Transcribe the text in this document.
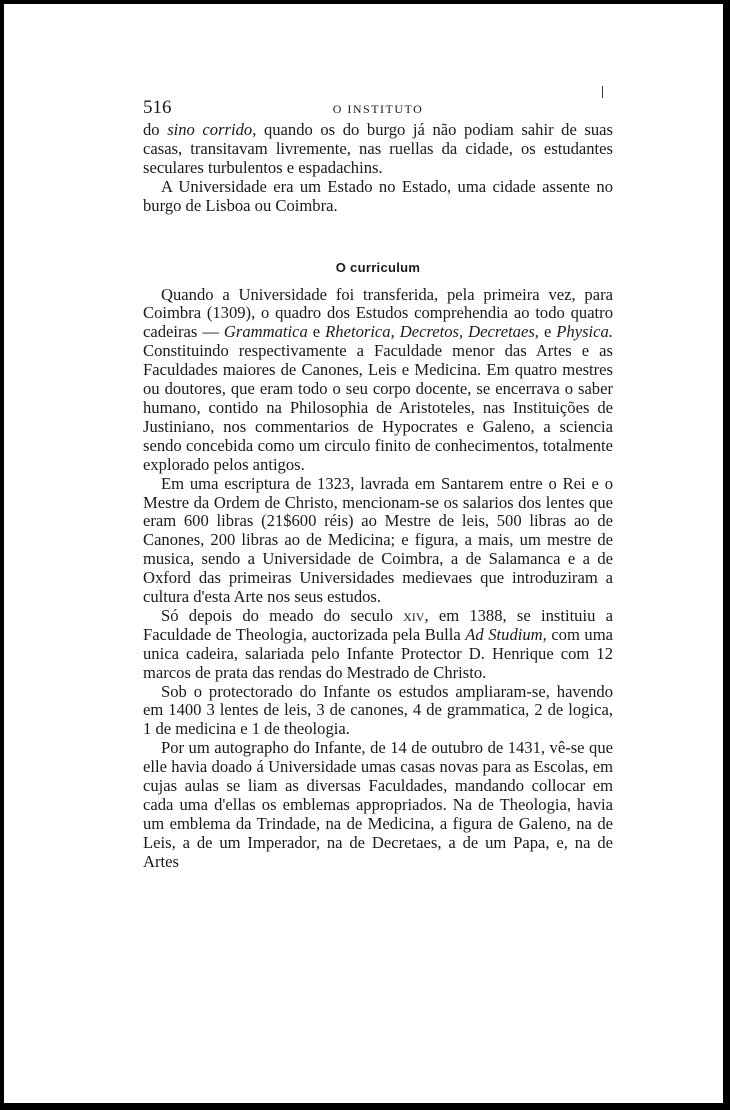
516	O INSTITUTO

do sino corrido, quando os do burgo já não podiam sahir de suas casas, transitavam livremente, nas ruellas da cidade, os estudantes seculares turbulentos e espadachins.

A Universidade era um Estado no Estado, uma cidade assente no burgo de Lisboa ou Coimbra.

O curriculum

Quando a Universidade foi transferida, pela primeira vez, para Coimbra (1309), o quadro dos Estudos comprehendia ao todo quatro cadeiras — Grammatica e Rhetorica, Decretos, Decretaes, e Physica. Constituindo respectivamente a Faculdade menor das Artes e as Faculdades maiores de Canones, Leis e Medicina. Em quatro mestres ou doutores, que eram todo o seu corpo docente, se encerrava o saber humano, contido na Philosophia de Aristoteles, nas Instituições de Justiniano, nos commentarios de Hypocrates e Galeno, a sciencia sendo concebida como um circulo finito de conhecimentos, totalmente explorado pelos antigos.

Em uma escriptura de 1323, lavrada em Santarem entre o Rei e o Mestre da Ordem de Christo, mencionam-se os salarios dos lentes que eram 600 libras (21$600 réis) ao Mestre de leis, 500 libras ao de Canones, 200 libras ao de Medicina; e figura, a mais, um mestre de musica, sendo a Universidade de Coimbra, a de Salamanca e a de Oxford das primeiras Universidades medievaes que introduziram a cultura d'esta Arte nos seus estudos.

Só depois do meado do seculo xiv, em 1388, se instituiu a Faculdade de Theologia, auctorizada pela Bulla Ad Studium, com uma unica cadeira, salariada pelo Infante Protector D. Henrique com 12 marcos de prata das rendas do Mestrado de Christo.

Sob o protectorado do Infante os estudos ampliaram-se, havendo em 1400 3 lentes de leis, 3 de canones, 4 de grammatica, 2 de logica, 1 de medicina e 1 de theologia.

Por um autographo do Infante, de 14 de outubro de 1431, vê-se que elle havia doado á Universidade umas casas novas para as Escolas, em cujas aulas se liam as diversas Faculdades, mandando collocar em cada uma d'ellas os emblemas appropriados. Na de Theologia, havia um emblema da Trindade, na de Medicina, a figura de Galeno, na de Leis, a de um Imperador, na de Decretaes, a de um Papa, e, na de Artes
